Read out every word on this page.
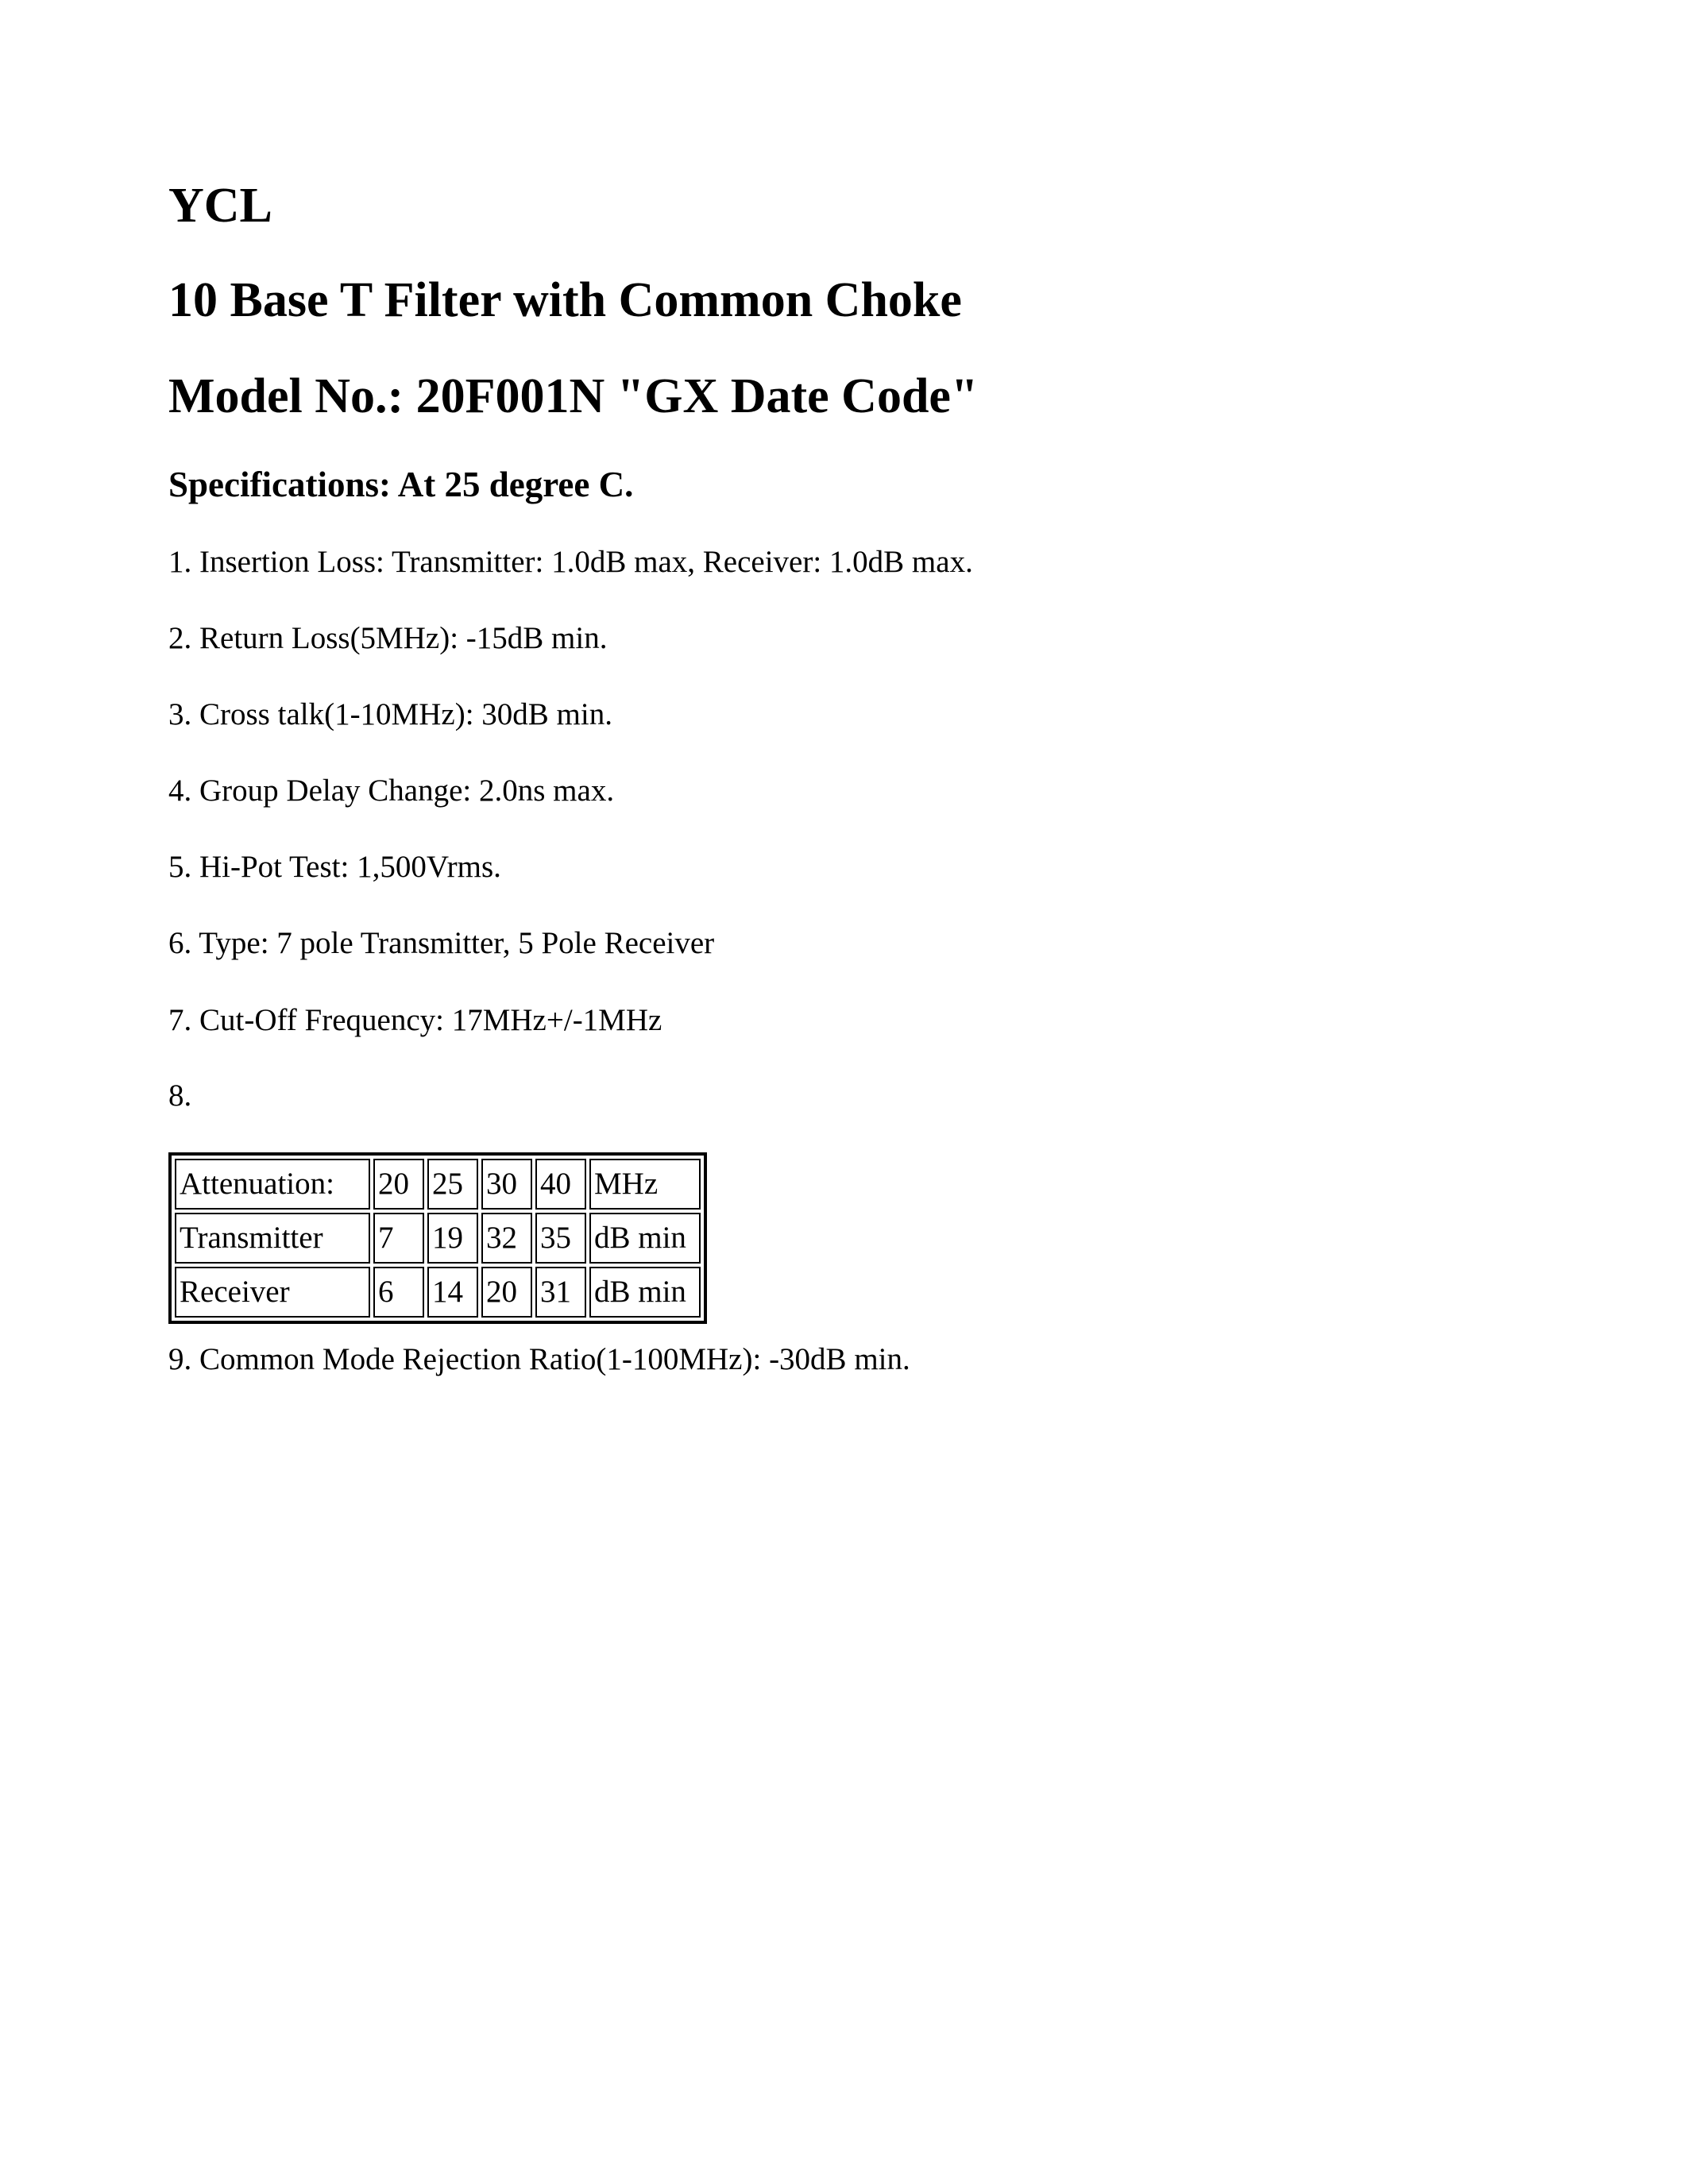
YCL
10 Base T Filter with Common Choke
Model No.: 20F001N "GX Date Code"
Specifications: At 25 degree C.
1. Insertion Loss: Transmitter: 1.0dB max, Receiver: 1.0dB max.
2. Return Loss(5MHz): -15dB min.
3. Cross talk(1-10MHz): 30dB min.
4. Group Delay Change: 2.0ns max.
5. Hi-Pot Test: 1,500Vrms.
6. Type: 7 pole Transmitter, 5 Pole Receiver
7. Cut-Off Frequency: 17MHz+/-1MHz
8.
Attenuation:	20	25	30	40	MHz
Transmitter	7	19	32	35	dB min
Receiver	6	14	20	31	dB min
9. Common Mode Rejection Ratio(1-100MHz): -30dB min.
